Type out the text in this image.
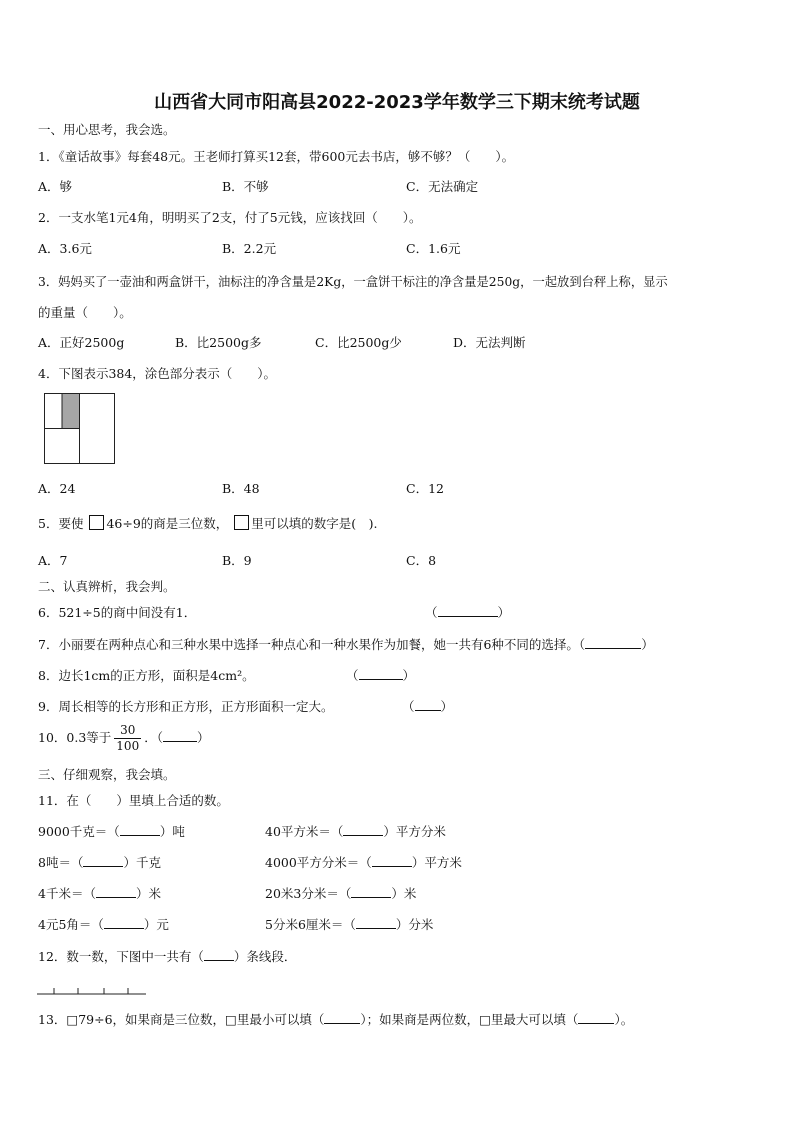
山西省大同市阳高县2022-2023学年数学三下期末统考试题
一、用心思考，我会选。
1．《童话故事》每套48元。王老师打算买12套，带600元去书店，够不够？（　　）。
A．够	B．不够	C．无法确定
2．一支水笔1元4角，明明买了2支，付了5元钱，应该找回（　　）。
A．3.6元	B．2.2元	C．1.6元
3．妈妈买了一壶油和两盒饼干，油标注的净含量是2Kg，一盒饼干标注的净含量是250g，一起放到台秤上称，显示
的重量（　　）。
A．正好2500g	B．比2500g多	C．比2500g少	D．无法判断
4．下图表示384，涂色部分表示（　　）。
A．24	B．48	C．12
5．要使 46÷9的商是三位数， 里可以填的数字是(　).
A．7	B．9	C．8
二、认真辨析，我会判。
6．521÷5的商中间没有1．	（	）
7．小丽要在两种点心和三种水果中选择一种点心和一种水果作为加餐，她一共有6种不同的选择。（	）
8．边长1cm的正方形，面积是4cm²。	（	）
9．周长相等的长方形和正方形，正方形面积一定大。	（ ）
10．0.3等于 $\frac{30}{100}$ ．（	）
三、仔细观察，我会填。
11．在（　　）里填上合适的数。
9000千克＝（	）吨	40平方米＝（	）平方分米
8吨＝（	）千克	4000平方分米＝（	）平方米
4千米＝（	）米	20米3分米＝（	）米
4元5角＝（	）元	5分米6厘米＝（	）分米
12．数一数，下图中一共有（ ）条线段．
13．□79÷6，如果商是三位数，□里最小可以填（	）；如果商是两位数，□里最大可以填（	）。
